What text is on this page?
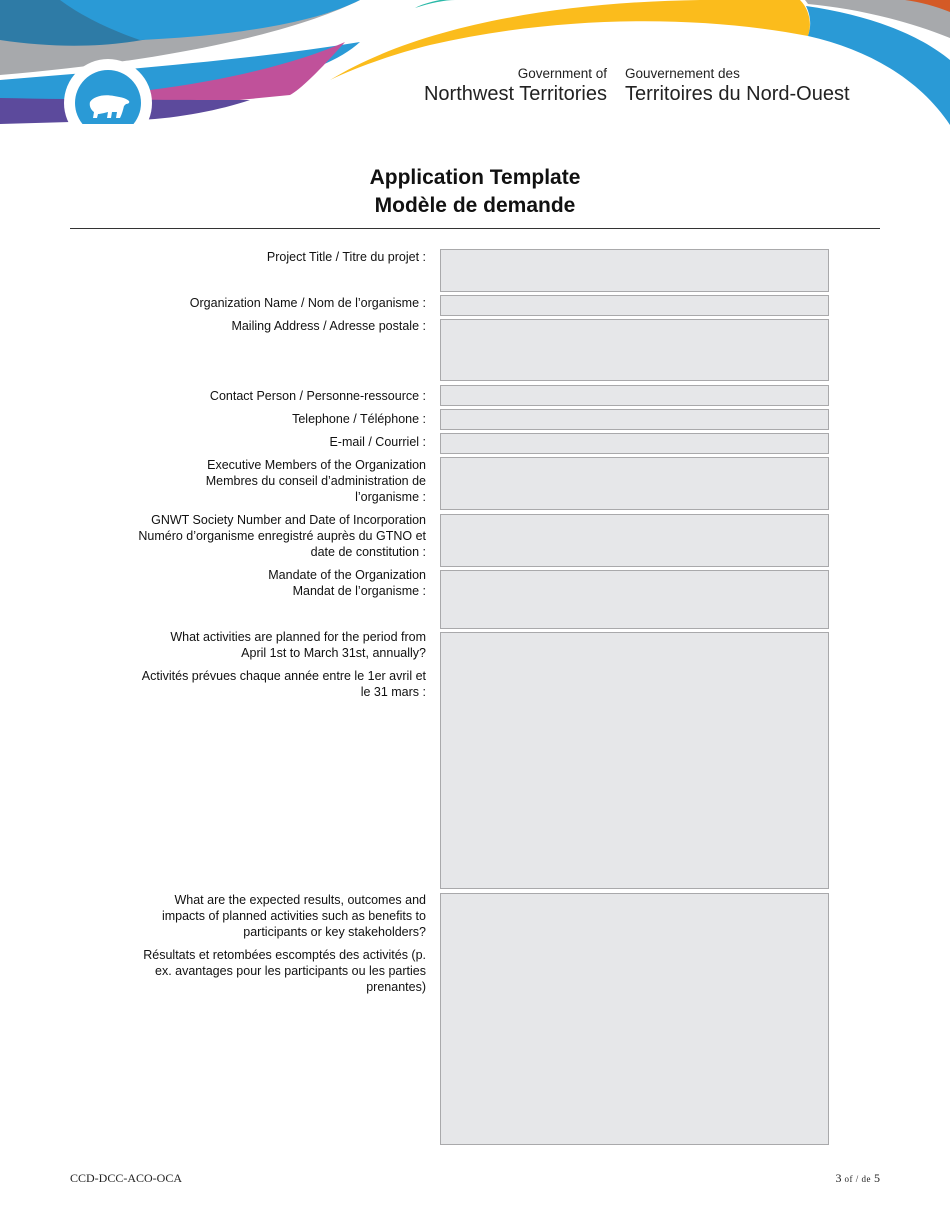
Government of
Northwest Territories
Gouvernement des
Territoires du Nord-Ouest
Application Template
Modèle de demande
Project Title / Titre du projet :
Organization Name / Nom de l’organisme :
Mailing Address / Adresse postale :
Contact Person / Personne-ressource :
Telephone / Téléphone :
E-mail / Courriel :
Executive Members of the Organization
Membres du conseil d’administration de
l’organisme :
GNWT Society Number and Date of Incorporation
Numéro d’organisme enregistré auprès du GTNO et
date de constitution :
Mandate of the Organization
Mandat de l’organisme :
What activities are planned for the period from
April 1st to March 31st, annually?
Activités prévues chaque année entre le 1er avril et
le 31 mars :
What are the expected results, outcomes and
impacts of planned activities such as benefits to
participants or key stakeholders?
Résultats et retombées escomptés des activités (p.
ex. avantages pour les participants ou les parties
prenantes)
CCD-DCC-ACO-OCA	3 of / de 5
